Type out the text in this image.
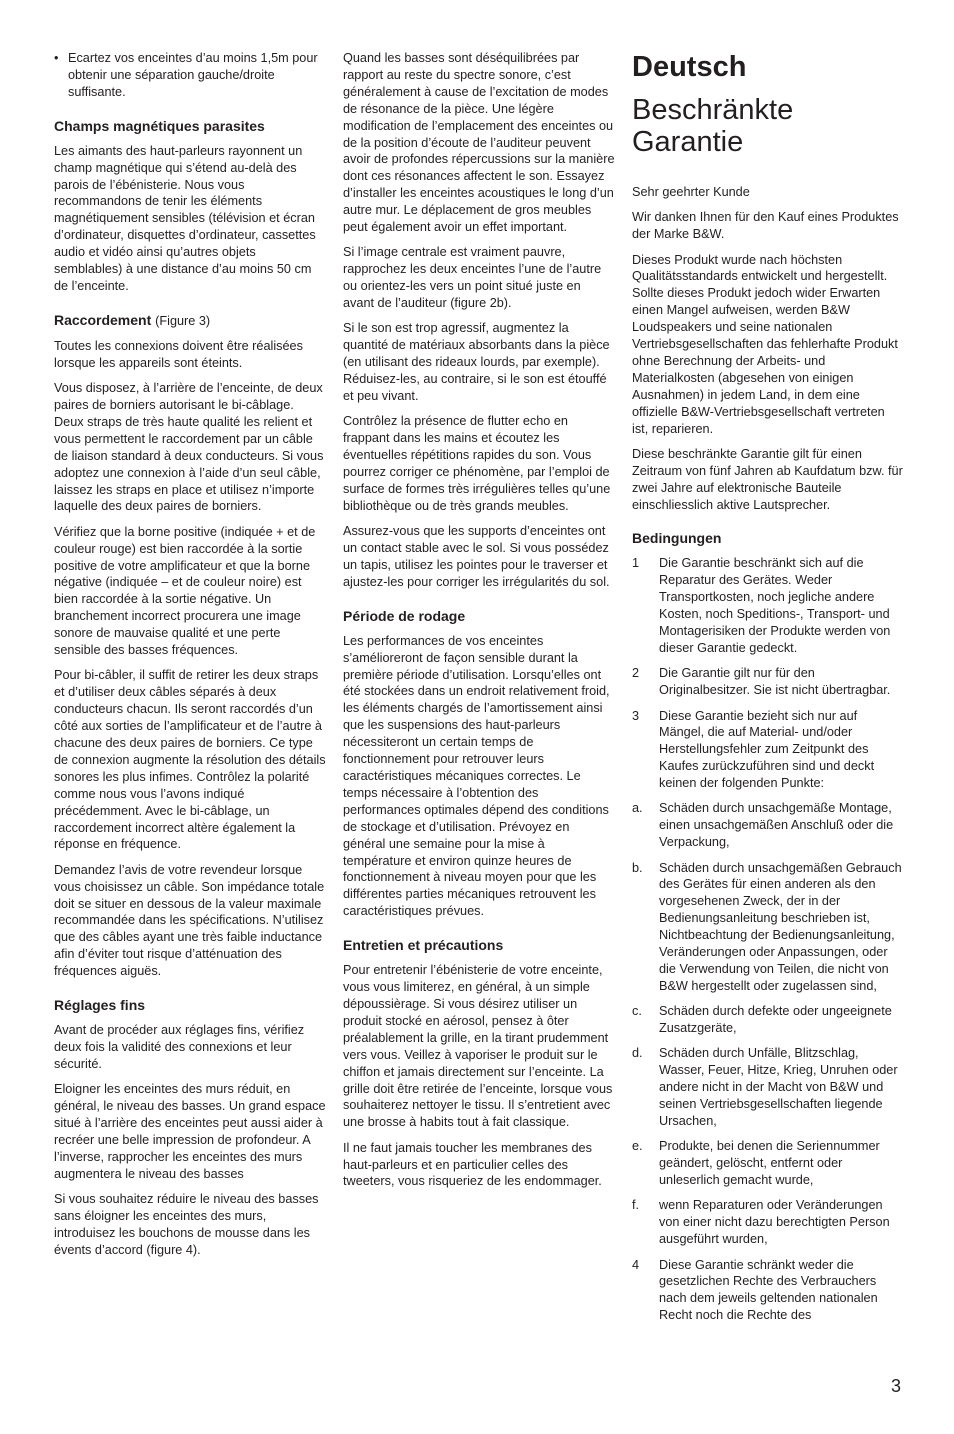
• Ecartez vos enceintes d’au moins 1,5m pour obtenir une séparation gauche/droite suffisante.
Champs magnétiques parasites

Les aimants des haut-parleurs rayonnent un champ magnétique qui s’étend au-delà des parois de l’ébénisterie. Nous vous recommandons de tenir les éléments magnétiquement sensibles (télévision et écran d’ordinateur, disquettes d’ordinateur, cassettes audio et vidéo ainsi qu’autres objets semblables) à une distance d’au moins 50 cm de l’enceinte.

Raccordement (Figure 3)

Toutes les connexions doivent être réalisées lorsque les appareils sont éteints.

Vous disposez, à l’arrière de l’enceinte, de deux paires de borniers autorisant le bi-câblage. Deux straps de très haute qualité les relient et vous permettent le raccordement par un câble de liaison standard à deux conducteurs. Si vous adoptez une connexion à l’aide d’un seul câble, laissez les straps en place et utilisez n’importe laquelle des deux paires de borniers.

Vérifiez que la borne positive (indiquée + et de couleur rouge) est bien raccordée à la sortie positive de votre amplificateur et que la borne négative (indiquée – et de couleur noire) est bien raccordée à la sortie négative. Un branchement incorrect procurera une image sonore de mauvaise qualité et une perte sensible des basses fréquences.

Pour bi-câbler, il suffit de retirer les deux straps et d’utiliser deux câbles séparés à deux conducteurs chacun. Ils seront raccordés d’un côté aux sorties de l’amplificateur et de l’autre à chacune des deux paires de borniers. Ce type de connexion augmente la résolution des détails sonores les plus infimes. Contrôlez la polarité comme nous vous l’avons indiqué précédemment. Avec le bi-câblage, un raccordement incorrect altère également la réponse en fréquence.

Demandez l’avis de votre revendeur lorsque vous choisissez un câble. Son impédance totale doit se situer en dessous de la valeur maximale recommandée dans les spécifications. N’utilisez que des câbles ayant une très faible inductance afin d’éviter tout risque d’atténuation des fréquences aiguës.

Réglages fins

Avant de procéder aux réglages fins, vérifiez deux fois la validité des connexions et leur sécurité.

Eloigner les enceintes des murs réduit, en général, le niveau des basses. Un grand espace situé à l’arrière des enceintes peut aussi aider à recréer une belle impression de profondeur. A l’inverse, rapprocher les enceintes des murs augmentera le niveau des basses

Si vous souhaitez réduire le niveau des basses sans éloigner les enceintes des murs, introduisez les bouchons de mousse dans les évents d’accord (figure 4).

Quand les basses sont déséquilibrées par rapport au reste du spectre sonore, c’est généralement à cause de l’excitation de modes de résonance de la pièce. Une légère modification de l’emplacement des enceintes ou de la position d’écoute de l’auditeur peuvent avoir de profondes répercussions sur la manière dont ces résonances affectent le son. Essayez d’installer les enceintes acoustiques le long d’un autre mur. Le déplacement de gros meubles peut également avoir un effet important.

Si l’image centrale est vraiment pauvre, rapprochez les deux enceintes l’une de l’autre ou orientez-les vers un point situé juste en avant de l’auditeur (figure 2b).

Si le son est trop agressif, augmentez la quantité de matériaux absorbants dans la pièce (en utilisant des rideaux lourds, par exemple). Réduisez-les, au contraire, si le son est étouffé et peu vivant.

Contrôlez la présence de flutter echo en frappant dans les mains et écoutez les éventuelles répétitions rapides du son. Vous pourrez corriger ce phénomène, par l’emploi de surface de formes très irrégulières telles qu’une bibliothèque ou de très grands meubles.

Assurez-vous que les supports d’enceintes ont un contact stable avec le sol. Si vous possédez un tapis, utilisez les pointes pour le traverser et ajustez-les pour corriger les irrégularités du sol.

Période de rodage

Les performances de vos enceintes s’amélioreront de façon sensible durant la première période d’utilisation. Lorsqu’elles ont été stockées dans un endroit relativement froid, les éléments chargés de l’amortissement ainsi que les suspensions des haut-parleurs nécessiteront un certain temps de fonctionnement pour retrouver leurs caractéristiques mécaniques correctes. Le temps nécessaire à l’obtention des performances optimales dépend des conditions de stockage et d’utilisation. Prévoyez en général une semaine pour la mise à température et environ quinze heures de fonctionnement à niveau moyen pour que les différentes parties mécaniques retrouvent les caractéristiques prévues.

Entretien et précautions

Pour entretenir l’ébénisterie de votre enceinte, vous vous limiterez, en général, à un simple dépoussièrage. Si vous désirez utiliser un produit stocké en aérosol, pensez à ôter préalablement la grille, en la tirant prudemment vers vous. Veillez à vaporiser le produit sur le chiffon et jamais directement sur l’enceinte. La grille doit être retirée de l’enceinte, lorsque vous souhaiterez nettoyer le tissu. Il s’entretient avec une brosse à habits tout à fait classique.

Il ne faut jamais toucher les membranes des haut-parleurs et en particulier celles des tweeters, vous risqueriez de les endommager.

Deutsch
Beschränkte Garantie

Sehr geehrter Kunde

Wir danken Ihnen für den Kauf eines Produktes der Marke B&W.

Dieses Produkt wurde nach höchsten Qualitätsstandards entwickelt und hergestellt. Sollte dieses Produkt jedoch wider Erwarten einen Mangel aufweisen, werden B&W Loudspeakers und seine nationalen Vertriebsgesellschaften das fehlerhafte Produkt ohne Berechnung der Arbeits- und Materialkosten (abgesehen von einigen Ausnahmen) in jedem Land, in dem eine offizielle B&W-Vertriebsgesellschaft vertreten ist, reparieren.

Diese beschränkte Garantie gilt für einen Zeitraum von fünf Jahren ab Kaufdatum bzw. für zwei Jahre auf elektronische Bauteile einschliesslich aktive Lautsprecher.

Bedingungen
1	Die Garantie beschränkt sich auf die Reparatur des Gerätes. Weder Transportkosten, noch jegliche andere Kosten, noch Speditions-, Transport- und Montagerisiken der Produkte werden von dieser Garantie gedeckt.
2	Die Garantie gilt nur für den Originalbesitzer. Sie ist nicht übertragbar.
3	Diese Garantie bezieht sich nur auf Mängel, die auf Material- und/oder Herstellungsfehler zum Zeitpunkt des Kaufes zurückzuführen sind und deckt keinen der folgenden Punkte:
a.	Schäden durch unsachgemäße Montage, einen unsachgemäßen Anschluß oder die Verpackung,
b.	Schäden durch unsachgemäßen Gebrauch des Gerätes für einen anderen als den vorgesehenen Zweck, der in der Bedienungsanleitung beschrieben ist, Nichtbeachtung der Bedienungsanleitung, Veränderungen oder Anpassungen, oder die Verwendung von Teilen, die nicht von B&W hergestellt oder zugelassen sind,
c.	Schäden durch defekte oder ungeeignete Zusatzgeräte,
d.	Schäden durch Unfälle, Blitzschlag, Wasser, Feuer, Hitze, Krieg, Unruhen oder andere nicht in der Macht von B&W und seinen Vertriebsgesellschaften liegende Ursachen,
e.	Produkte, bei denen die Seriennummer geändert, gelöscht, entfernt oder unleserlich gemacht wurde,
f.	wenn Reparaturen oder Veränderungen von einer nicht dazu berechtigten Person ausgeführt wurden,
4	Diese Garantie schränkt weder die gesetzlichen Rechte des Verbrauchers nach dem jeweils geltenden nationalen Recht noch die Rechte des
3
